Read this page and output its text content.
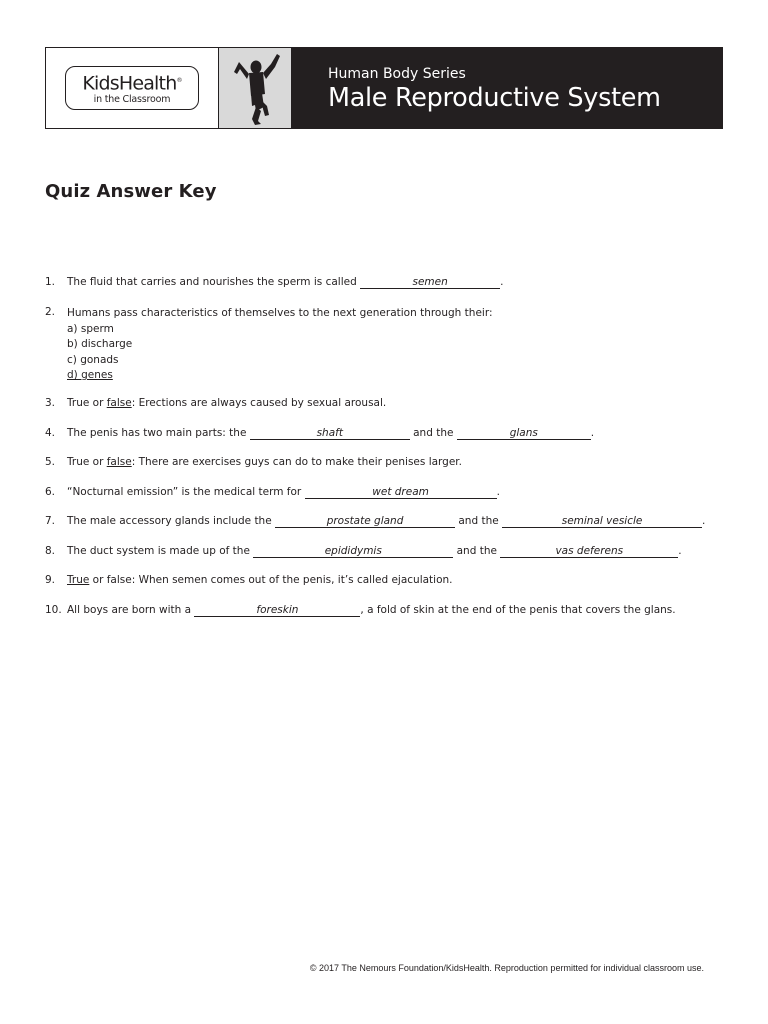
KidsHealth®
in the Classroom
Human Body Series
Male Reproductive System
Quiz Answer Key
1.	The fluid that carries and nourishes the sperm is called	semen	.
2.	Humans pass characteristics of themselves to the next generation through their:
a) sperm
b) discharge
c) gonads
d) genes
3.	True or false: Erections are always caused by sexual arousal.
4.	The penis has two main parts: the	shaft	and the	glans	.
5.	True or false: There are exercises guys can do to make their penises larger.
6.	“Nocturnal emission” is the medical term for	wet dream	.
7.	The male accessory glands include the	prostate gland	and the	seminal vesicle	.
8.	The duct system is made up of the	epididymis	and the	vas deferens	.
9.	True or false: When semen comes out of the penis, it’s called ejaculation.
10. All boys are born with a	foreskin	, a fold of skin at the end of the penis that covers the glans.
© 2017 The Nemours Foundation/KidsHealth. Reproduction permitted for individual classroom use.
